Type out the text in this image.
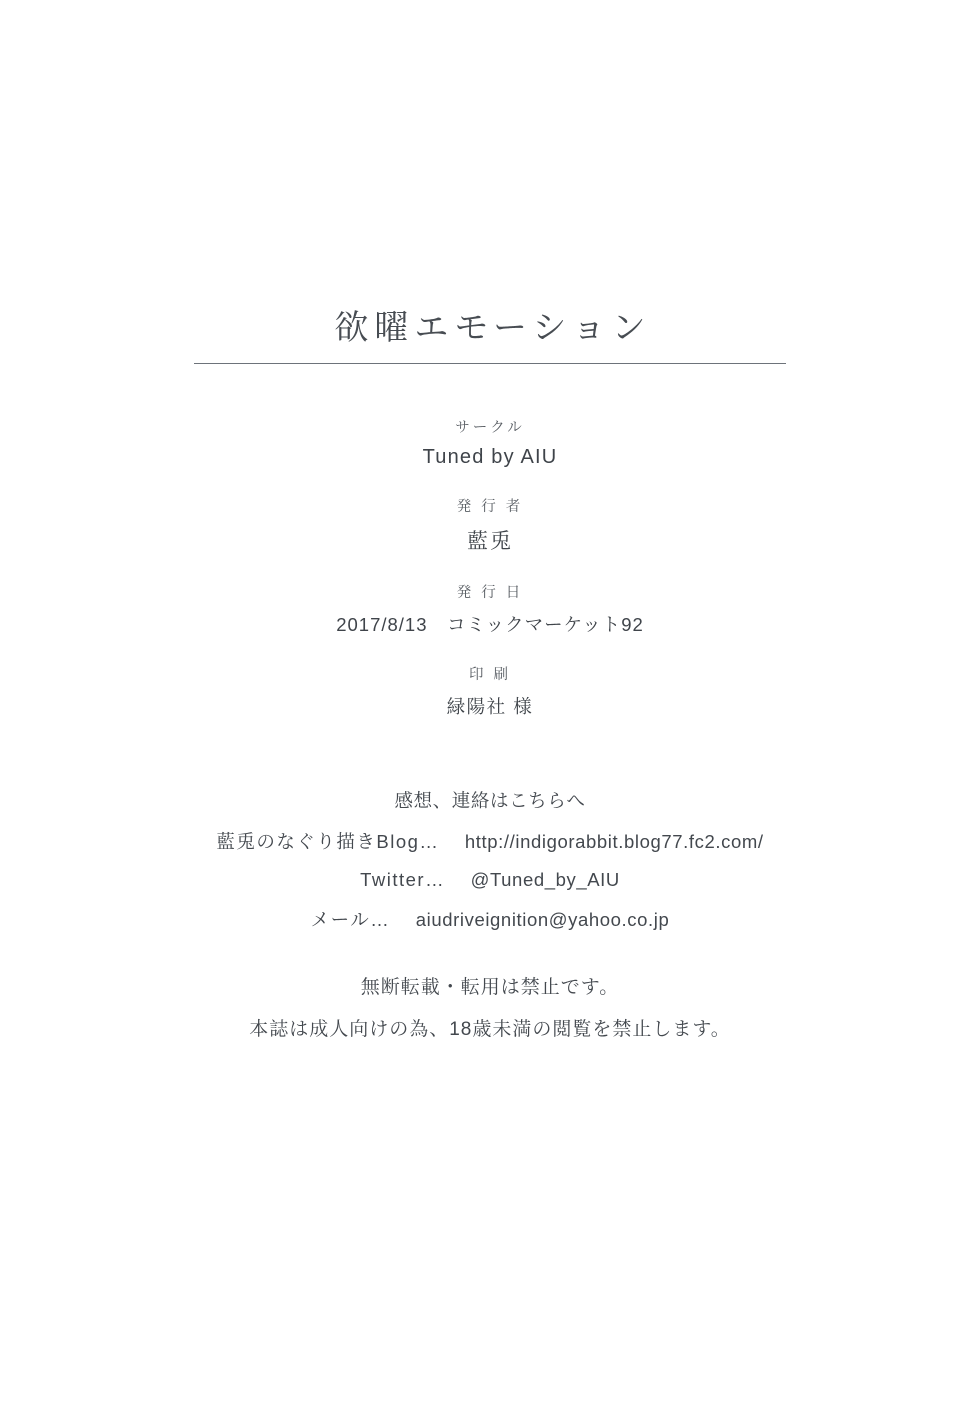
欲曜エモーション
サークル
Tuned by AIU
発 行 者
藍兎
発 行 日
2017/8/13　コミックマーケット92
印 刷
緑陽社 様
感想、連絡はこちらへ
藍兎のなぐり描きBlog… http://indigorabbit.blog77.fc2.com/
Twitter… @Tuned_by_AIU
メール… aiudriveignition@yahoo.co.jp
無断転載・転用は禁止です。
本誌は成人向けの為、18歳未満の閲覧を禁止します。
